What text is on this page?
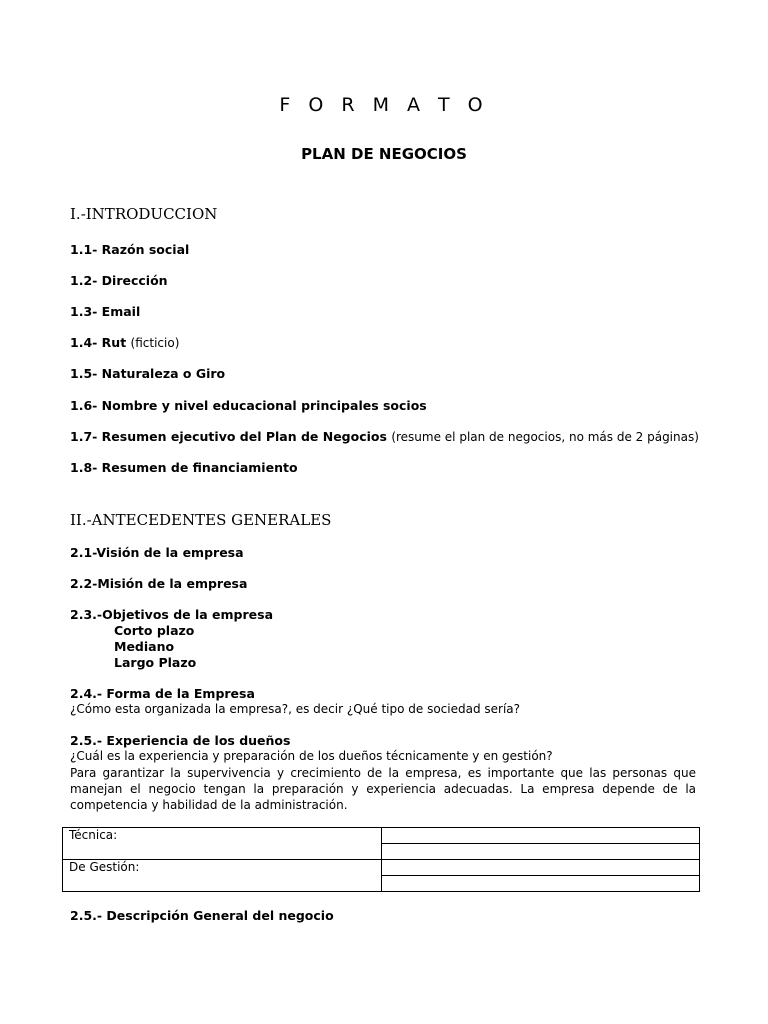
F O R M A T O
PLAN DE NEGOCIOS
I.-INTRODUCCION
1.1- Razón social
1.2- Dirección
1.3- Email
1.4- Rut (ficticio)
1.5- Naturaleza o Giro
1.6- Nombre y nivel educacional principales socios
1.7- Resumen ejecutivo del Plan de Negocios (resume el plan de negocios, no más de 2 páginas)
1.8- Resumen de financiamiento
II.-ANTECEDENTES GENERALES
2.1-Visión de la empresa
2.2-Misión de la empresa
2.3.-Objetivos de la empresa
Corto plazo
Mediano
Largo Plazo
2.4.- Forma de la Empresa
¿Cómo esta organizada la empresa?, es decir ¿Qué tipo de sociedad sería?
2.5.- Experiencia de los dueños
¿Cuál es la experiencia y preparación de los dueños técnicamente y en gestión?
Para garantizar la supervivencia y crecimiento de la empresa, es importante que las personas que manejan el negocio tengan la preparación y experiencia adecuadas. La empresa depende de la competencia y habilidad de la administración.
Técnica:	

De Gestión:	

2.5.- Descripción General del negocio
